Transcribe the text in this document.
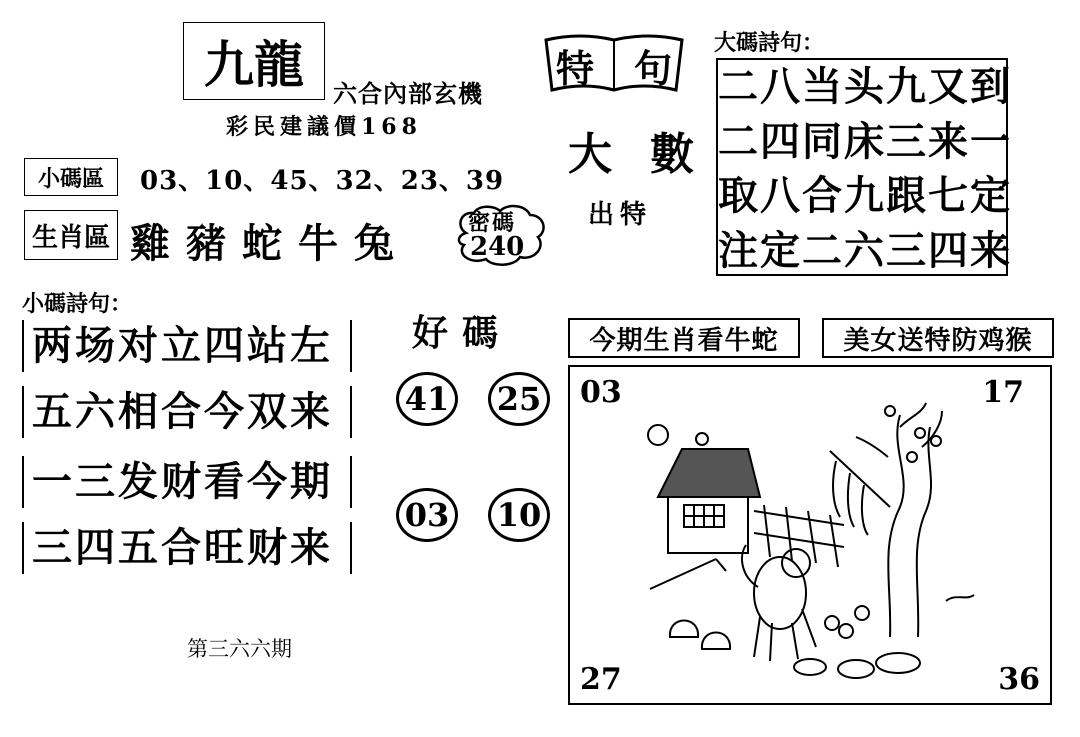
九龍	六合內部玄機
彩民建議價168
小碼區	03、10、45、32、23、39
生肖區 雞豬蛇牛兔	密碼
240
特 句
大數
出特
大碼詩句：
二八当头九又到
二四同床三来一
取八合九跟七定
注定二六三四来
小碼詩句：
两场对立四站左
五六相合今双来
一三发财看今期
三四五合旺财来
好碼
41 25
03 10
今期生肖看牛蛇	美女送特防鸡猴
03	17
27	36
第三六六期
